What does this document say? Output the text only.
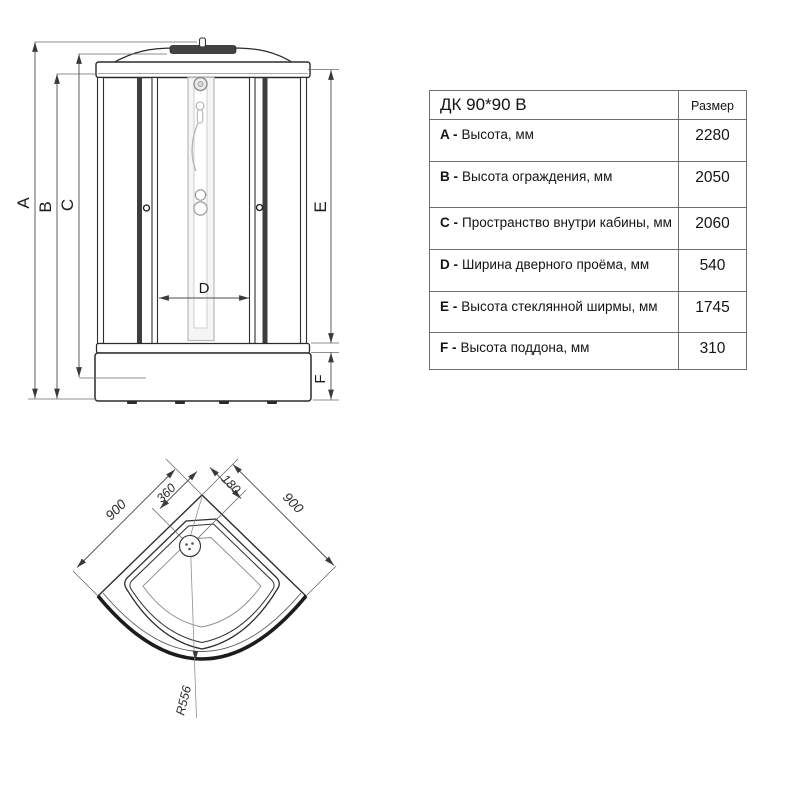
A B C	E
F
D
900	900
360	180
R556
ДК 90*90 В	Размер
A - Высота, мм	2280
B - Высота ограждения, мм	2050
C - Пространство внутри кабины, мм	2060
D - Ширина дверного проёма, мм	540
E - Высота стеклянной ширмы, мм	1745
F - Высота поддона, мм	310
